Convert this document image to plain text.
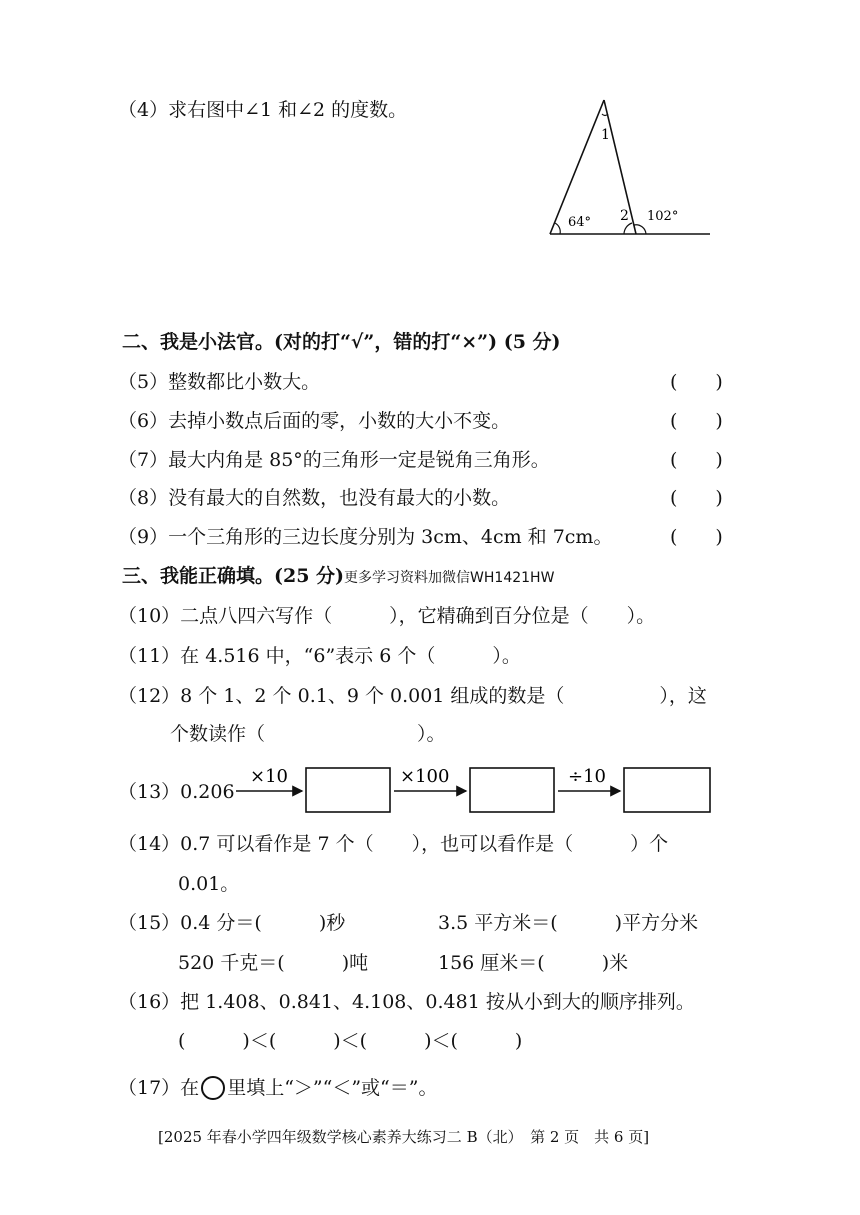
（4）求右图中∠1 和∠2 的度数。
1
64° 2 102°
二、我是小法官。(对的打“√”，错的打“×”) (5 分)
（5）整数都比小数大。	(　　)
（6）去掉小数点后面的零，小数的大小不变。	(　　)
（7）最大内角是 85°的三角形一定是锐角三角形。	(　　)
（8）没有最大的自然数，也没有最大的小数。	(　　)
（9）一个三角形的三边长度分别为 3cm、4cm 和 7cm。	(　　)
三、我能正确填。(25 分)更多学习资料加微信WH1421HW
（10）二点八四六写作（　　　），它精确到百分位是（　　）。
（11）在 4.516 中，“6”表示 6 个（　　　）。
（12）8 个 1、2 个 0.1、9 个 0.001 组成的数是（　　　　　），这
个数读作（　　　　　　　　）。
（13）0.206
×10	×100	÷10
（14）0.7 可以看作是 7 个（　　），也可以看作是（　　　）个
0.01。
（15）0.4 分＝(　　　)秒	3.5 平方米＝(　　　)平方分米
520 千克＝(　　　)吨	156 厘米＝(　　　)米
（16）把 1.408、0.841、4.108、0.481 按从小到大的顺序排列。
(　　　)＜(　　　)＜(　　　)＜(　　　)
（17）在 里填上“＞”“＜”或“＝”。
[2025 年春小学四年级数学核心素养大练习二 B（北）　第 2 页　共 6 页]
